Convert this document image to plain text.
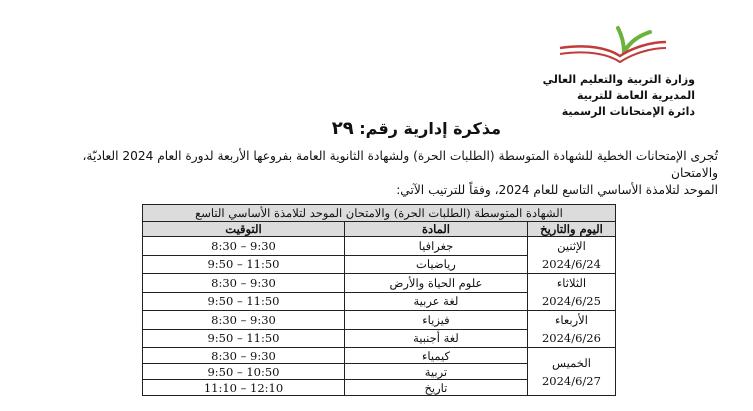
وزارة التربية والتعليم العالي
المديرية العامة للتربية
دائرة الإمتحانات الرسمية
مذكرة إدارية رقم: ٢٩

تُجرى الإمتحانات الخطية للشهادة المتوسطة (الطلبات الحرة) ولشهادة الثانوية العامة بفروعها الأربعة لدورة العام 2024 العاديّة، والامتحان

الموحد لتلامذة الأساسي التاسع للعام 2024، وفقاً للترتيب الآتي:

الشهادة المتوسطة (الطلبات الحرة) والامتحان الموحد لتلامذة الأساسي التاسع		
اليوم والتاريخ	المادة	التوقيت

الإثنين
2024/6/24	جغرافيا	8:30 – 9:30
	رياضيات	9:50 – 11:50

الثلاثاء
2024/6/25	علوم الحياة والأرض	8:30 – 9:30
	لغة عربية	9:50 – 11:50

الأربعاء
2024/6/26	فيزياء	8:30 – 9:30
	لغة أجنبية	9:50 – 11:50

الخميس
2024/6/27	كيمياء	8:30 – 9:30
	تربية	9:50 – 10:50
	تاريخ	11:10 – 12:10
